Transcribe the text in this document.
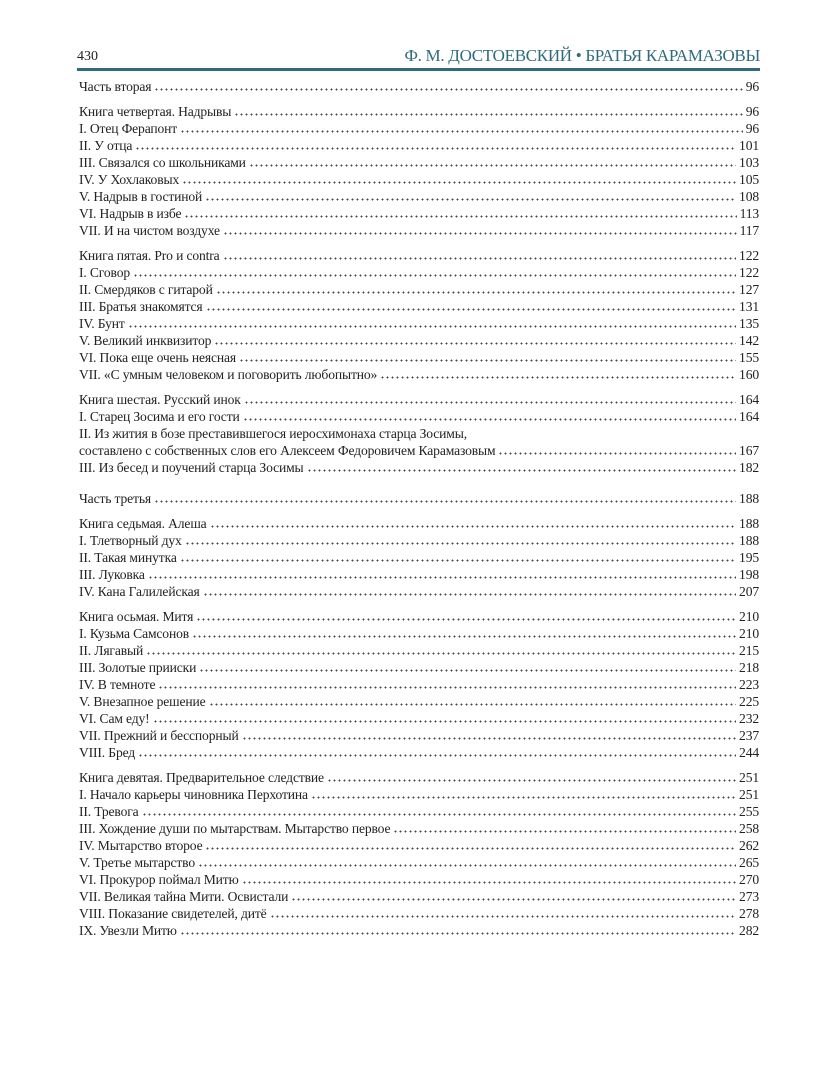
430	Ф. М. ДОСТОЕВСКИЙ • БРАТЬЯ КАРАМАЗОВЫ
Часть вторая	96
Книга четвертая. Надрывы	96
I. Отец Ферапонт	96
II. У отца	101
III. Связался со школьниками	103
IV. У Хохлаковых	105
V. Надрыв в гостиной	108
VI. Надрыв в избе	113
VII. И на чистом воздухе	117
Книга пятая. Pro и contra	122
I. Сговор	122
II. Смердяков с гитарой	127
III. Братья знакомятся	131
IV. Бунт	135
V. Великий инквизитор	142
VI. Пока еще очень неясная	155
VII. «С умным человеком и поговорить любопытно»	160
Книга шестая. Русский инок	164
I. Старец Зосима и его гости	164
II. Из жития в бозе преставившегося иеросхимонаха старца Зосимы,
составлено с собственных слов его Алексеем Федоровичем Карамазовым	167
III. Из бесед и поучений старца Зосимы	182
Часть третья	188
Книга седьмая. Алеша	188
I. Тлетворный дух	188
II. Такая минутка	195
III. Луковка	198
IV. Кана Галилейская	207
Книга осьмая. Митя	210
I. Кузьма Самсонов	210
II. Лягавый	215
III. Золотые прииски	218
IV. В темноте	223
V. Внезапное решение	225
VI. Сам еду!	232
VII. Прежний и бесспорный	237
VIII. Бред	244
Книга девятая. Предварительное следствие	251
I. Начало карьеры чиновника Перхотина	251
II. Тревога	255
III. Хождение души по мытарствам. Мытарство первое	258
IV. Мытарство второе	262
V. Третье мытарство	265
VI. Прокурор поймал Митю	270
VII. Великая тайна Мити. Освистали	273
VIII. Показание свидетелей, дитё	278
IX. Увезли Митю	282
